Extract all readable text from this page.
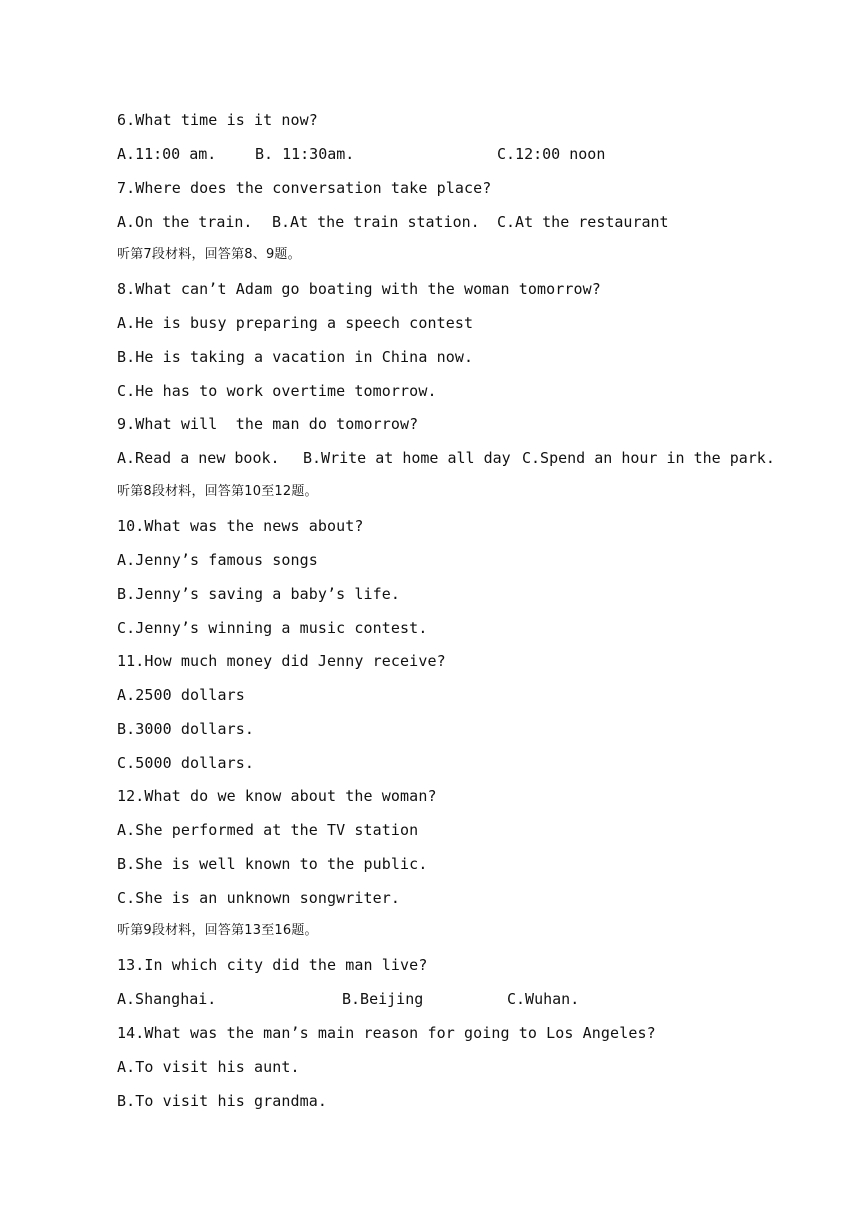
6.What time is it now?
A.11:00 am.	B. 11:30am.	C.12:00 noon
7.Where does the conversation take place?
A.On the train. B.At the train station. C.At the restaurant
听第7段材料，回答第8、9题。
8.What can’t Adam go boating with the woman tomorrow?
A.He is busy preparing a speech contest
B.He is taking a vacation in China now.
C.He has to work overtime tomorrow.
9.What will  the man do tomorrow?
A.Read a new book. B.Write at home all day C.Spend an hour in the park.
听第8段材料，回答第10至12题。
10.What was the news about?
A.Jenny’s famous songs
B.Jenny’s saving a baby’s life.
C.Jenny’s winning a music contest.
11.How much money did Jenny receive?
A.2500 dollars
B.3000 dollars.
C.5000 dollars.
12.What do we know about the woman?
A.She performed at the TV station
B.She is well known to the public.
C.She is an unknown songwriter.
听第9段材料，回答第13至16题。
13.In which city did the man live?
A.Shanghai.	B.Beijing	C.Wuhan.
14.What was the man’s main reason for going to Los Angeles?
A.To visit his aunt.
B.To visit his grandma.
